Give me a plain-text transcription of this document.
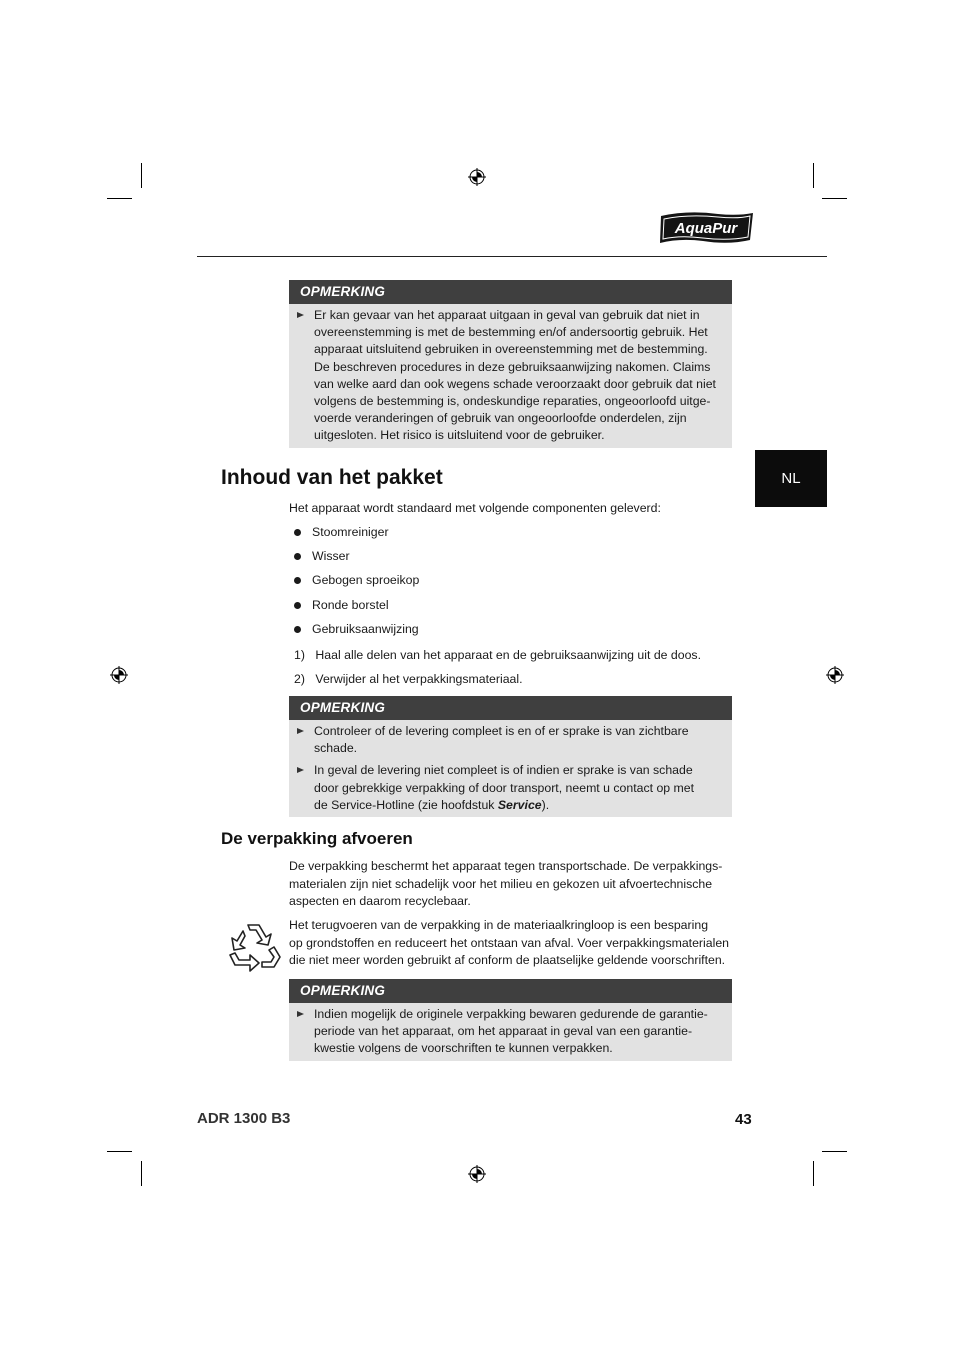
AquaPur
OPMERKING
Er kan gevaar van het apparaat uitgaan in geval van gebruik dat niet in
overeenstemming is met de bestemming en/of andersoortig gebruik. Het
apparaat uitsluitend gebruiken in overeenstemming met de bestemming.
De beschreven procedures in deze gebruiksaanwijzing nakomen. Claims
van welke aard dan ook wegens schade veroorzaakt door gebruik dat niet
volgens de bestemming is, ondeskundige reparaties, ongeoorloofd uitge-
voerde veranderingen of gebruik van ongeoorloofde onderdelen, zijn
uitgesloten. Het risico is uitsluitend voor de gebruiker.
NL
Inhoud van het pakket
Het apparaat wordt standaard met volgende componenten geleverd:
Stoomreiniger
Wisser
Gebogen sproeikop
Ronde borstel
Gebruiksaanwijzing
1) Haal alle delen van het apparaat en de gebruiksaanwijzing uit de doos.
2) Verwijder al het verpakkingsmateriaal.
OPMERKING
Controleer of de levering compleet is en of er sprake is van zichtbare
schade.
In geval de levering niet compleet is of indien er sprake is van schade
door gebrekkige verpakking of door transport, neemt u contact op met
de Service-Hotline (zie hoofdstuk Service).
De verpakking afvoeren
De verpakking beschermt het apparaat tegen transportschade. De verpakkings-
materialen zijn niet schadelijk voor het milieu en gekozen uit afvoertechnische
aspecten en daarom recyclebaar.
Het terugvoeren van de verpakking in de materiaalkringloop is een besparing
op grondstoffen en reduceert het ontstaan van afval. Voer verpakkingsmaterialen
die niet meer worden gebruikt af conform de plaatselijke geldende voorschriften.
OPMERKING
Indien mogelijk de originele verpakking bewaren gedurende de garantie-
periode van het apparaat, om het apparaat in geval van een garantie-
kwestie volgens de voorschriften te kunnen verpakken.
ADR 1300 B3	43
